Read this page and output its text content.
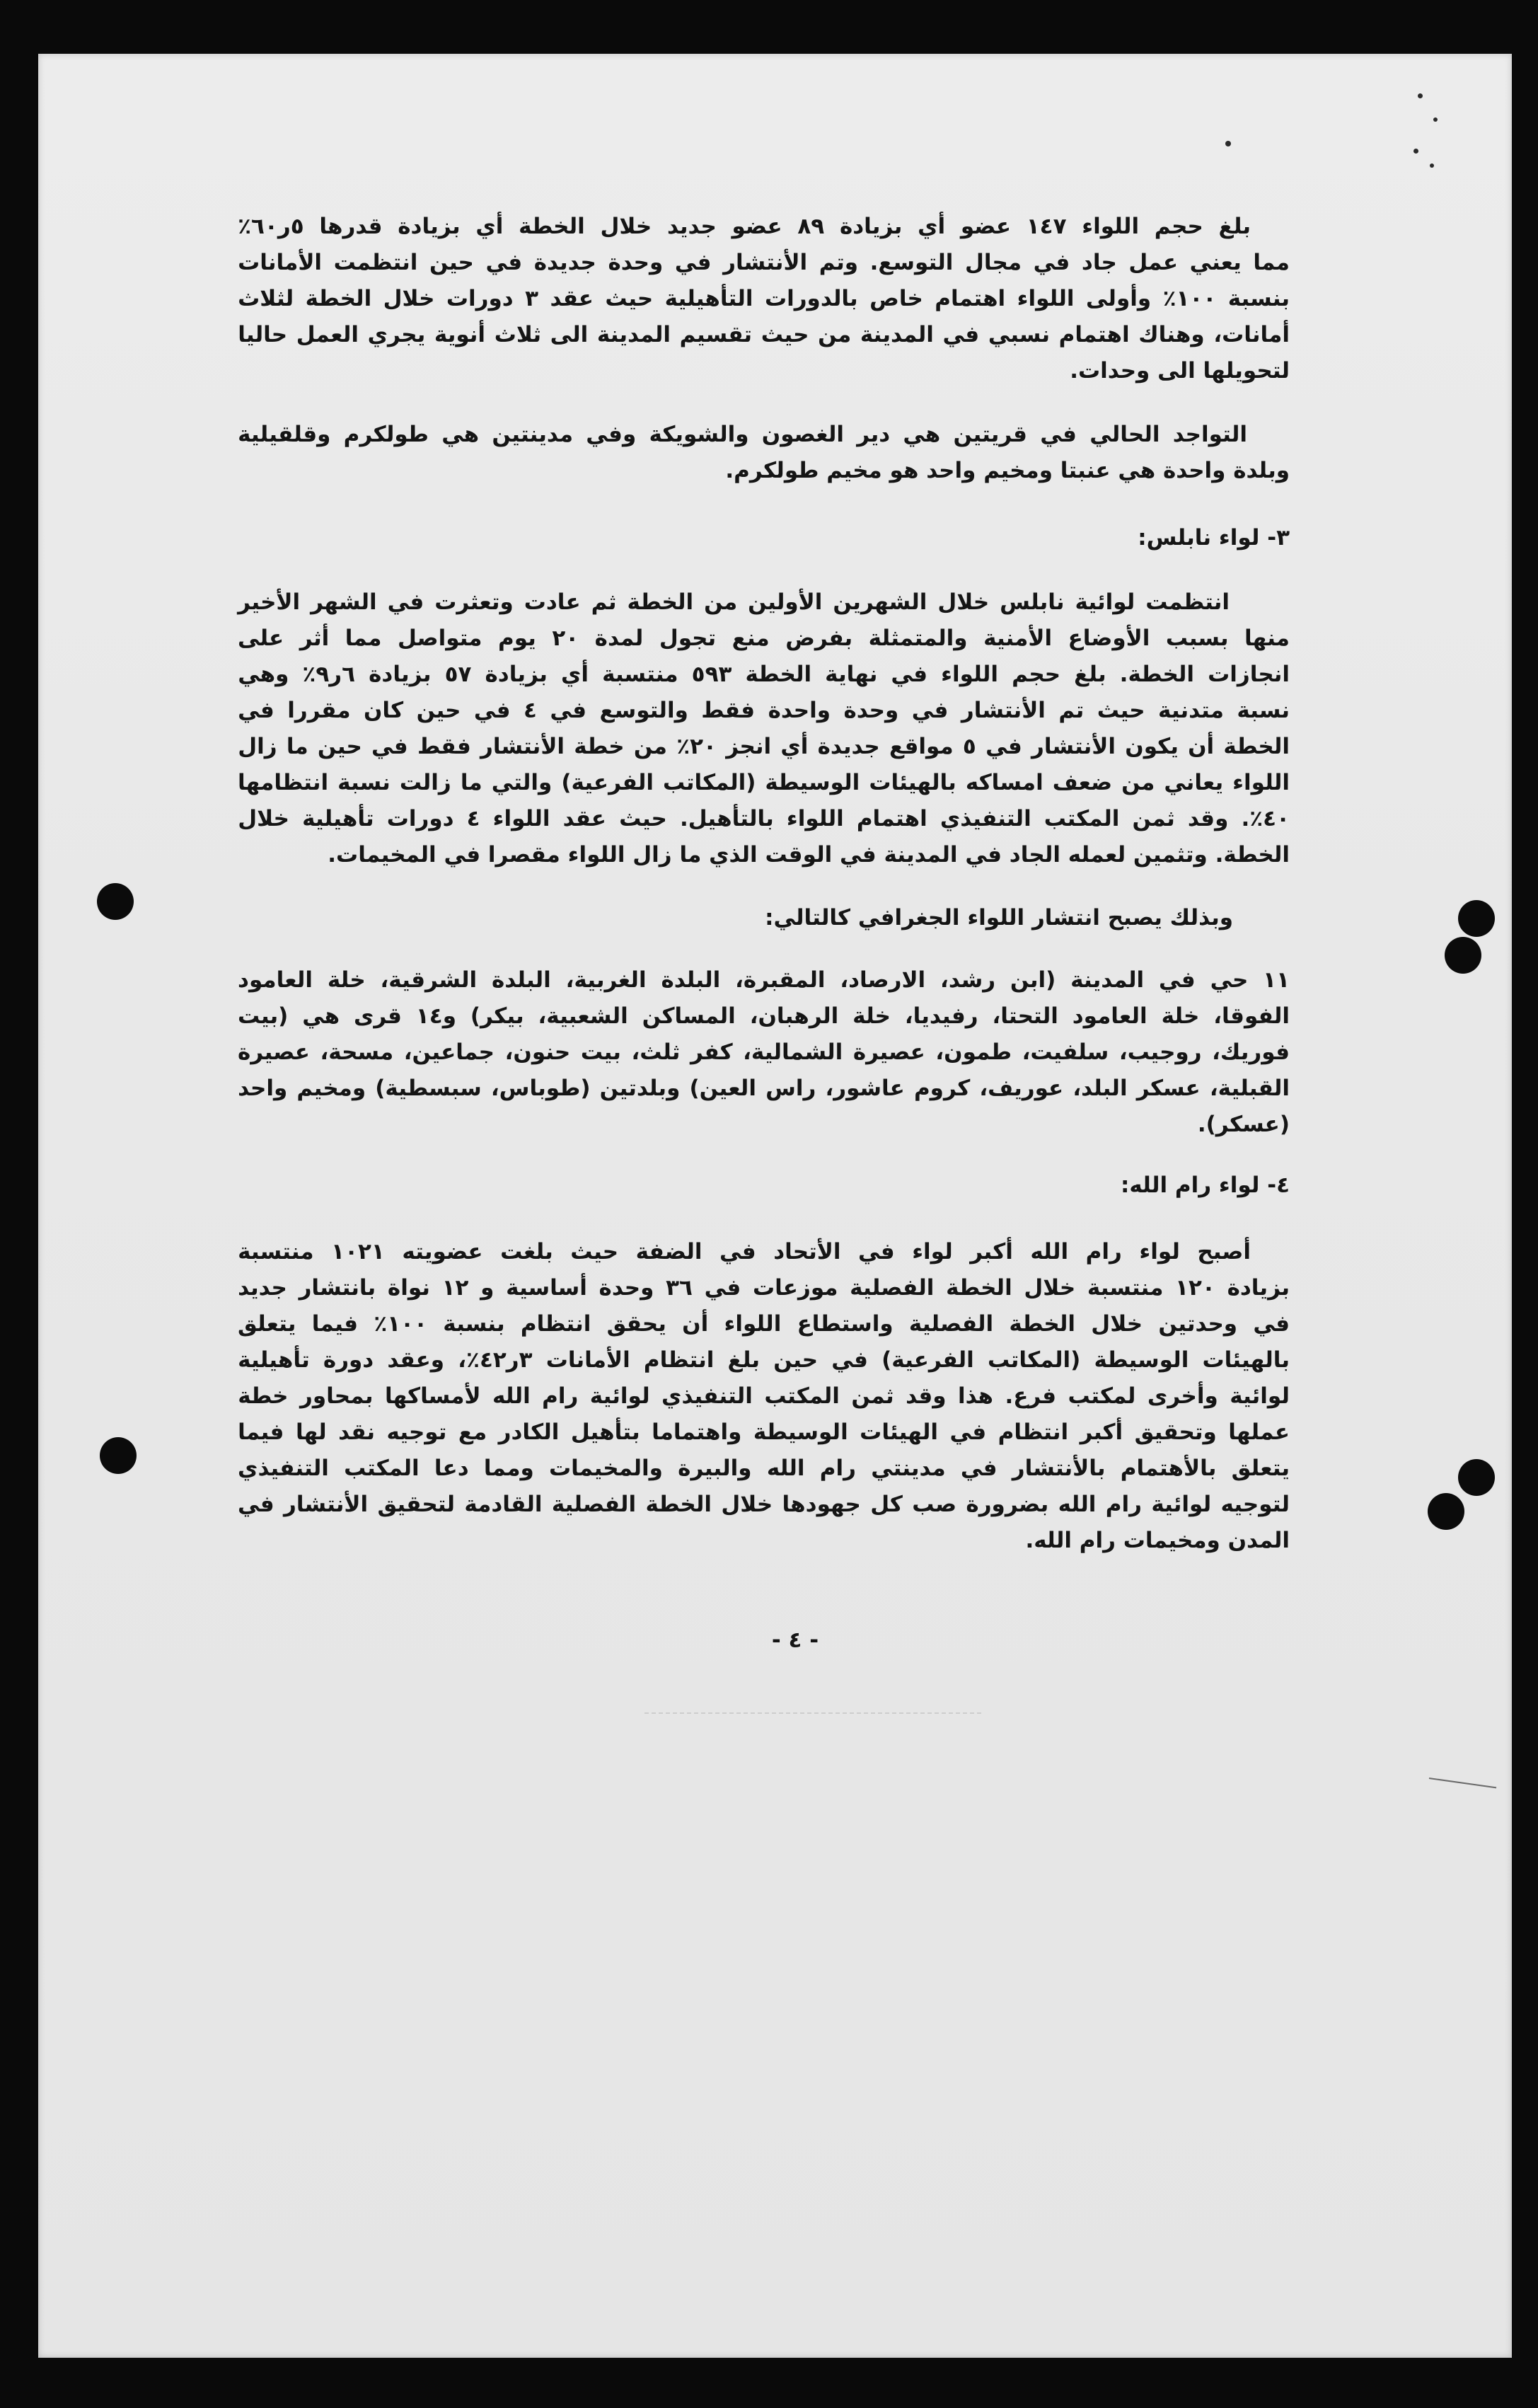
بلغ
حجم
اللواء
١٤٧
عضو
أي
بزيادة
٨٩
عضو
جديد
خلال
الخطة
أي
بزيادة
قدرها
٥ر٦٠٪
مما
يعني
عمل
جاد
في
مجال
التوسع.
وتم
الأنتشار
في
وحدة
جديدة
في
حين
انتظمت
الأمانات
بنسبة
١٠٠٪
وأولى
اللواء
اهتمام
خاص
بالدورات
التأهيلية
حيث
عقد
٣
دورات
خلال
الخطة
لثلاث
أمانات،
وهناك
اهتمام
نسبي
في
المدينة
من
حيث
تقسيم
المدينة
الى
ثلاث
أنوية
يجري
العمل
حاليا
لتحويلها الى وحدات.
التواجد
الحالي
في
قريتين
هي
دير
الغصون
والشويكة
وفي
مدينتين
هي
طولكرم
وقلقيلية
وبلدة واحدة هي عنبتا ومخيم واحد هو مخيم طولكرم.
٣- لواء نابلس:
انتظمت
لوائية
نابلس
خلال
الشهرين
الأولين
من
الخطة
ثم
عادت
وتعثرت
في
الشهر
الأخير
منها
بسبب
الأوضاع
الأمنية
والمتمثلة
بفرض
منع
تجول
لمدة
٢٠
يوم
متواصل
مما
أثر
على
انجازات
الخطة.
بلغ
حجم
اللواء
في
نهاية
الخطة
٥٩٣
منتسبة
أي
بزيادة
٥٧
بزيادة
٦ر٩٪
وهي
نسبة
متدنية
حيث
تم
الأنتشار
في
وحدة
واحدة
فقط
والتوسع
في
٤
في
حين
كان
مقررا
في
الخطة
أن
يكون
الأنتشار
في
٥
مواقع
جديدة
أي
انجز
٢٠٪
من
خطة
الأنتشار
فقط
في
حين
ما
زال
اللواء
يعاني
من
ضعف
امساكه
بالهيئات
الوسيطة
(المكاتب
الفرعية)
والتي
ما
زالت
نسبة
انتظامها
٤٠٪.
وقد
ثمن
المكتب
التنفيذي
اهتمام
اللواء
بالتأهيل.
حيث
عقد
اللواء
٤
دورات
تأهيلية
خلال
الخطة. وتثمين لعمله الجاد في المدينة في الوقت الذي ما زال اللواء مقصرا في المخيمات.
وبذلك يصبح انتشار اللواء الجغرافي كالتالي:
١١
حي
في
المدينة
(ابن
رشد،
الارصاد،
المقبرة،
البلدة
الغربية،
البلدة
الشرقية،
خلة
العامود
الفوقا،
خلة
العامود
التحتا،
رفيديا،
خلة
الرهبان،
المساكن
الشعبية،
بيكر)
و١٤
قرى
هي
(بيت
فوريك،
روجيب،
سلفيت،
طمون،
عصيرة
الشمالية،
كفر
ثلث،
بيت
حنون،
جماعين،
مسحة،
عصيرة
القبلية،
عسكر
البلد،
عوريف،
كروم
عاشور،
راس
العين)
وبلدتين
(طوباس،
سبسطية)
ومخيم
واحد
(عسكر).
٤- لواء رام الله:
أصبح
لواء
رام
الله
أكبر
لواء
في
الأتحاد
في
الضفة
حيث
بلغت
عضويته
١٠٢١
منتسبة
بزيادة
١٢٠
منتسبة
خلال
الخطة
الفصلية
موزعات
في
٣٦
وحدة
أساسية
و
١٢
نواة
بانتشار
جديد
في
وحدتين
خلال
الخطة
الفصلية
واستطاع
اللواء
أن
يحقق
انتظام
بنسبة
١٠٠٪
فيما
يتعلق
بالهيئات
الوسيطة
(المكاتب
الفرعية)
في
حين
بلغ
انتظام
الأمانات
٣ر٤٢٪،
وعقد
دورة
تأهيلية
لوائية
وأخرى
لمكتب
فرع.
هذا
وقد
ثمن
المكتب
التنفيذي
لوائية
رام
الله
لأمساكها
بمحاور
خطة
عملها
وتحقيق
أكبر
انتظام
في
الهيئات
الوسيطة
واهتماما
بتأهيل
الكادر
مع
توجيه
نقد
لها
فيما
يتعلق
بالأهتمام
بالأنتشار
في
مدينتي
رام
الله
والبيرة
والمخيمات
ومما
دعا
المكتب
التنفيذي
لتوجيه
لوائية
رام
الله
بضرورة
صب
كل
جهودها
خلال
الخطة
الفصلية
القادمة
لتحقيق
الأنتشار
في
المدن ومخيمات رام الله.
- ٤ -
